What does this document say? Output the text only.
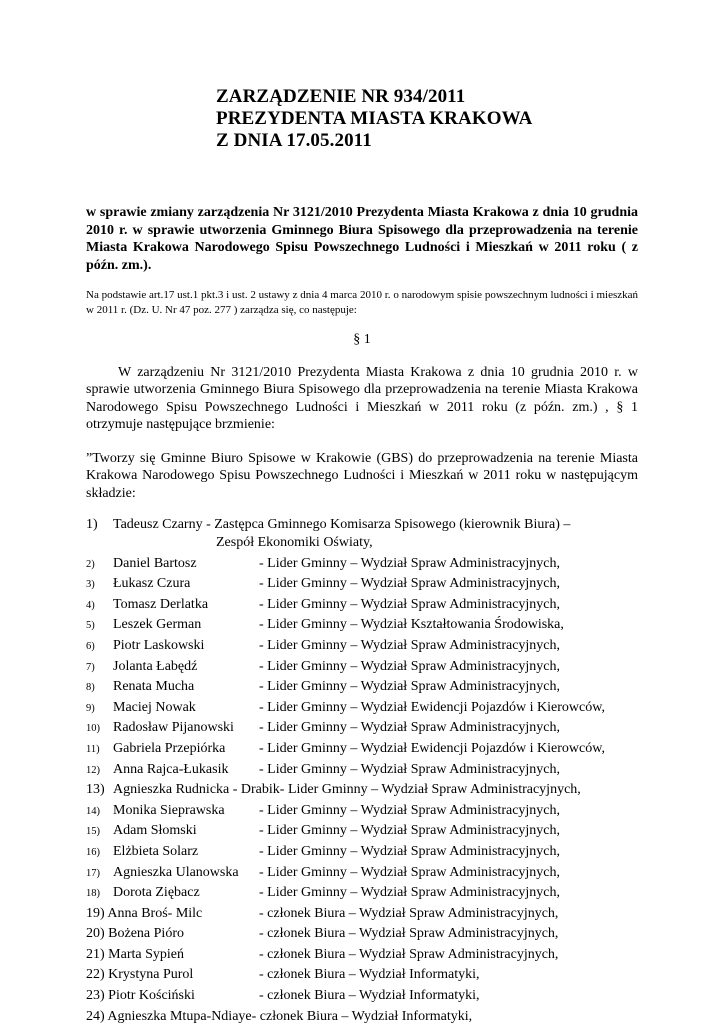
ZARZĄDZENIE NR 934/2011
PREZYDENTA MIASTA KRAKOWA
Z DNIA 17.05.2011
w sprawie zmiany zarządzenia Nr 3121/2010 Prezydenta Miasta Krakowa z dnia 10 grudnia 2010 r. w sprawie utworzenia Gminnego Biura Spisowego dla przeprowadzenia na terenie Miasta Krakowa Narodowego Spisu Powszechnego Ludności i Mieszkań w 2011 roku ( z późn. zm.).
Na podstawie art.17 ust.1 pkt.3 i ust. 2 ustawy z dnia 4 marca 2010 r. o narodowym spisie powszechnym ludności i mieszkań w 2011 r. (Dz. U. Nr 47 poz. 277 ) zarządza się, co następuje:
§ 1
W zarządzeniu Nr 3121/2010 Prezydenta Miasta Krakowa z dnia 10 grudnia 2010 r. w sprawie utworzenia Gminnego Biura Spisowego dla przeprowadzenia na terenie Miasta Krakowa Narodowego Spisu Powszechnego Ludności i Mieszkań w 2011 roku (z późn. zm.) , § 1 otrzymuje następujące brzmienie:
”Tworzy się Gminne Biuro Spisowe w Krakowie (GBS) do przeprowadzenia na terenie Miasta Krakowa Narodowego Spisu Powszechnego Ludności i Mieszkań w 2011 roku w następującym składzie:
1) Tadeusz Czarny - Zastępca Gminnego Komisarza Spisowego (kierownik Biura) –
Zespół Ekonomiki Oświaty,
2) Daniel Bartosz	- Lider Gminny – Wydział Spraw Administracyjnych,
3) Łukasz Czura	- Lider Gminny – Wydział Spraw Administracyjnych,
4) Tomasz Derlatka	- Lider Gminny – Wydział Spraw Administracyjnych,
5) Leszek German	- Lider Gminny – Wydział Kształtowania Środowiska,
6) Piotr Laskowski	- Lider Gminny – Wydział Spraw Administracyjnych,
7) Jolanta Łabędź	- Lider Gminny – Wydział Spraw Administracyjnych,
8) Renata Mucha	- Lider Gminny – Wydział Spraw Administracyjnych,
9) Maciej Nowak	- Lider Gminny – Wydział Ewidencji Pojazdów i Kierowców,
10) Radosław Pijanowski - Lider Gminny – Wydział Spraw Administracyjnych,
11) Gabriela Przepiórka - Lider Gminny – Wydział Ewidencji Pojazdów i Kierowców,
12) Anna Rajca-Łukasik - Lider Gminny – Wydział Spraw Administracyjnych,
13) Agnieszka Rudnicka - Drabik- Lider Gminny – Wydział Spraw Administracyjnych,
14) Monika Sieprawska - Lider Gminny – Wydział Spraw Administracyjnych,
15) Adam Słomski	- Lider Gminny – Wydział Spraw Administracyjnych,
16) Elżbieta Solarz	- Lider Gminny – Wydział Spraw Administracyjnych,
17) Agnieszka Ulanowska - Lider Gminny – Wydział Spraw Administracyjnych,
18) Dorota Ziębacz	- Lider Gminny – Wydział Spraw Administracyjnych,
19) Anna Broś- Milc	- członek Biura – Wydział Spraw Administracyjnych,
20) Bożena Pióro	- członek Biura – Wydział Spraw Administracyjnych,
21) Marta Sypień	- członek Biura – Wydział Spraw Administracyjnych,
22) Krystyna Purol	- członek Biura – Wydział Informatyki,
23) Piotr Kościński	- członek Biura – Wydział Informatyki,
24) Agnieszka Mtupa-Ndiaye- członek Biura – Wydział Informatyki,
